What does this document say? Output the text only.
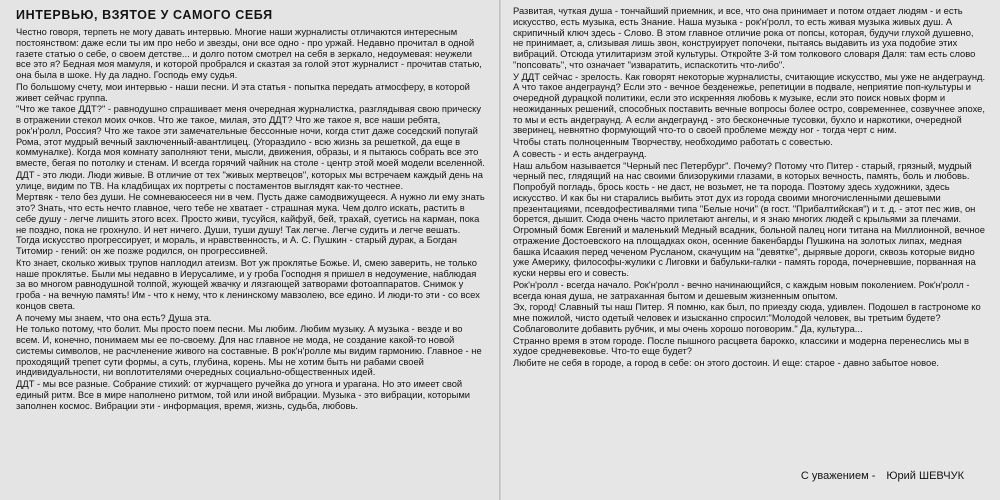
ИНТЕРВЬЮ, ВЗЯТОЕ У САМОГО СЕБЯ

Честно говоря, терпеть не могу давать интервью. Многие наши журналисты отличаются интересным постоянством: даже если ты им про небо и звезды, они все одно - про уржай. Недавно прочитал в одной газете статью о себе, о своем детстве... и долго потом смотрел на себя в зеркало, недоумевая: неужели все это я? Бедная моя мамуля, и которой пробрался и сказтая за голой этот журналист - прочитав статью, она была в шоке. Ну да ладно. Господь ему судья.

По большому счету, мои интервью - наши песни. И эта статья - попытка передать атмосферу, в которой живет сейчас группа.

"Что же такое ДДТ?" - равнодушно спрашивает меня очередная журналистка, разглядывая свою прическу в отражении стекол моих очков. Что же такое, милая, это ДДТ? Что же такое я, все наши ребята, рок'н'ролл, Россия? Что же такое эти замечательные бессонные ночи, когда стит даже соседский попугай Рома, этот мудрый вечный заключенный-авантлицец. (Угораздило - всю жизнь за решеткой, да еще в коммуналке). Когда моя комнату заполняют тени, мысли, движения, образы, и я пытаюсь собрать все это вместе, бегая по потолку и стенам. И всегда горячий чайник на столе - центр этой моей модели вселенной.

ДДТ - это люди. Люди живые. В отличие от тех "живых мертвецов", которых мы встречаем каждый день на улице, видим по ТВ. На кладбищах их портреты с постаментов выглядят как-то честнее.

Мертвяк - тело без души. Не сомневаюсееся ни в чем. Пусть даже самодвижущееся. А нужно ли ему знать это? Знать, что есть нечто главное, чего тебе не хватает - страшная мука. Чем долго искать, растить в себе душу - легче лишить этого всех. Просто живи, тусуйся, кайфуй, бей, трахай, суетись на карман, пока не поздно, пока не грохнуло. И нет ничего. Души, туши душу! Так легче. Легче судить и легче вешать. Тогда искусство прогрессирует, и мораль, и нравственность, и А. С. Пушкин - старый дурак, а Богдан Титомир - гений: он же позже родился, он прогрессивней.

Кто знает, сколько живых трупов наплодил атеизм. Вот уж проклятье Божье. И, смею заверить, не только наше проклятье. Были мы недавно в Иерусалиме, и у гроба Господня я пришел в недоумение, наблюдая за во многом равнодушной толпой, жующей жвачку и лязгающей затворами фотоаппаратов. Снимок у гроба - на вечную память! Им - что к нему, что к ленинскому мавзолею, все едино. И люди-то эти - со всех концов света.

А почему мы знаем, что она есть? Душа эта.

Не только потому, что болит. Мы просто поем песни. Мы любим. Любим музыку. А музыка - везде и во всем. И, конечно, понимаем мы ее по-своему. Для нас главное не мода, не создание какой-то новой системы символов, не расчленение живого на составные. В рок'н'ролле мы видим гармонию. Главное - не проходящий трепет сути формы, а суть, глубина, корень. Мы не хотим быть ни рабами своей индивидуальности, ни воплотителями очередных социально-общественных идей.

ДДТ - мы все разные. Собрание стихий: от журчащего ручейка до угнога и урагана. Но это имеет свой единый ритм. Все в мире наполнено ритмом, той или иной вибрации. Музыка - это вибрации, которыми заполнен космос. Вибрации эти - информация, время, жизнь, судьба, любовь.

Развитая, чуткая душа - тончайший приемник, и все, что она принимает и потом отдает людям - и есть искусство, есть музыка, есть Знание. Наша музыка - рок'н'ролл, то есть живая музыка живых душ. А скрипичный ключ здесь - Слово. В этом главное отличие рока от попсы, которая, будучи глухой душевно, не принимает, а, слизывая лишь звон, конструирует попочеки, пытаясь выдавить из уха подобие этих вибраций. Отсюда утилитаризм этой культуры. Откройте 3-й том толкового словаря Даля: там есть слово "попсовать", что означает "изваратить, испаскотить что-либо".

У ДДТ сейчас - зрелость. Как говорят некоторые журналисты, считающие искусство, мы уже не андеграунд. А что такое андеграунд? Если это - вечное безденежье, репетиции в подвале, неприятие поп-культуры и очередной дурацкой политики, если это искренняя любовь к музыке, если это поиск новых форм и неожиданных решений, способных поставить вечные вопросы более остро, современнее, созвучнее эпохе, то мы и есть андеграунд. А если андеграунд - это бесконечные тусовки, бухло и наркотики, очередной зверинец, невнятно формующий что-то о своей проблеме между ног - тогда черт с ним.

Чтобы стать полноценным Творчеству, необходимо работать с совестью.

А совесть - и есть андеграунд.

Наш альбом называется "Черный пес Петербург". Почему? Потому что Питер - старый, грязный, мудрый черный пес, глядящий на нас своими близорукими глазами, в которых вечность, память, боль и любовь. Попробуй погладь, брось кость - не даст, не возьмет, не та порода. Поэтому здесь художники, здесь искусство. И как бы ни старались выбить этот дух из города своими многочисленными дешевыми презентациями, псевдофестивалями типа "Белые ночи" (в гост. "Прибалтийская") и т. д. - этот пес жив, он борется, дышит. Сюда очень часто прилетают ангелы, и я знаю многих людей с крыльями за плечами. Огромный бомж Евгений и маленький Медный всадник, больной палец ноги титана на Миллионной, вечное отражение Достоевского на площадках окон, осенние бакенбарды Пушкина на золотых липах, медная башка Исаакия перед чеченом Русланом, скачущим на "девятке", дырявые дороги, сквозь которые видно уже Америку, философы-жулики с Лиговки и бабульки-галки - память города, почерневшие, порванная на куски нервы его и совесть.

Рок'н'ролл - всегда начало. Рок'н'ролл - вечно начинающийся, с каждым новым поколением. Рок'н'ролл - всегда юная душа, не затраханная бытом и дешевым жизненным опытом.

Эх, город! Славный ты наш Питер. Я помню, как был, по приезду сюда, удивлен. Подошел в гастрономе ко мне пожилой, чисто одетый человек и изысканно спросил:"Молодой человек, вы третьим будете? Соблаговолите добавить рубчик, и мы очень хорошо поговорим." Да, культура...

Странно время в этом городе. После пышного расцвета барокко, классики и модерна перенеслись мы в худое средневековье. Что-то еще будет?

Любите не себя в городе, а город в себе: он этого достоин. И еще: старое - давно забытое новое.

С уважением - Юрий ШЕВЧУК
